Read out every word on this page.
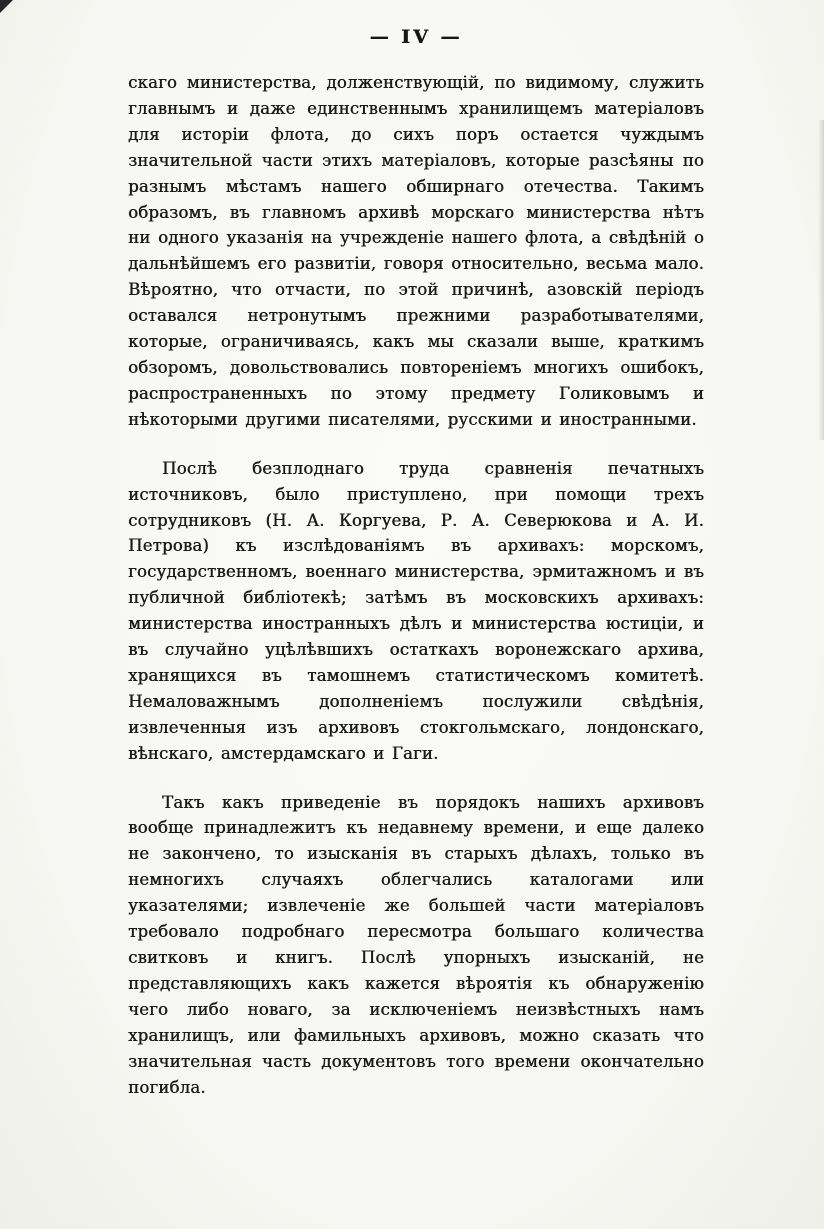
— IV —

скаго министерства, долженствующій, по видимому, служить главнымъ и даже единственнымъ хранилищемъ матеріаловъ для исторіи флота, до сихъ поръ остается чуждымъ значительной части этихъ матеріаловъ, которые разсѣяны по разнымъ мѣстамъ нашего обширнаго отечества. Такимъ образомъ, въ главномъ архивѣ морскаго министерства нѣтъ ни одного указанія на учрежденіе нашего флота, а свѣдѣній о дальнѣйшемъ его развитіи, говоря относительно, весьма мало. Вѣроятно, что отчасти, по этой причинѣ, азовскій періодъ оставался нетронутымъ прежними разработывателями, которые, ограничиваясь, какъ мы сказали выше, краткимъ обзоромъ, довольствовались повтореніемъ многихъ ошибокъ, распространенныхъ по этому предмету Голиковымъ и нѣкоторыми другими писателями, русскими и иностранными.

Послѣ безплоднаго труда сравненія печатныхъ источниковъ, было приступлено, при помощи трехъ сотрудниковъ (Н. А. Коргуева, Р. А. Северюкова и А. И. Петрова) къ изслѣдованіямъ въ архивахъ: морскомъ, государственномъ, военнаго министерства, эрмитажномъ и въ публичной библіотекѣ; затѣмъ въ московскихъ архивахъ: министерства иностранныхъ дѣлъ и министерства юстиціи, и въ случайно уцѣлѣвшихъ остаткахъ воронежскаго архива, хранящихся въ тамошнемъ статистическомъ комитетѣ. Немаловажнымъ дополненіемъ послужили свѣдѣнія, извлеченныя изъ архивовъ стокгольмскаго, лондонскаго, вѣнскаго, амстердамскаго и Гаги.

Такъ какъ приведеніе въ порядокъ нашихъ архивовъ вообще принадлежитъ къ недавнему времени, и еще далеко не закончено, то изысканія въ старыхъ дѣлахъ, только въ немногихъ случаяхъ облегчались каталогами или указателями; извлеченіе же большей части матеріаловъ требовало подробнаго пересмотра большаго количества свитковъ и книгъ. Послѣ упорныхъ изысканій, не представляющихъ какъ кажется вѣроятія къ обнаруженію чего либо новаго, за исключеніемъ неизвѣстныхъ намъ хранилищъ, или фамильныхъ архивовъ, можно сказать что значительная часть документовъ того времени окончательно погибла.
